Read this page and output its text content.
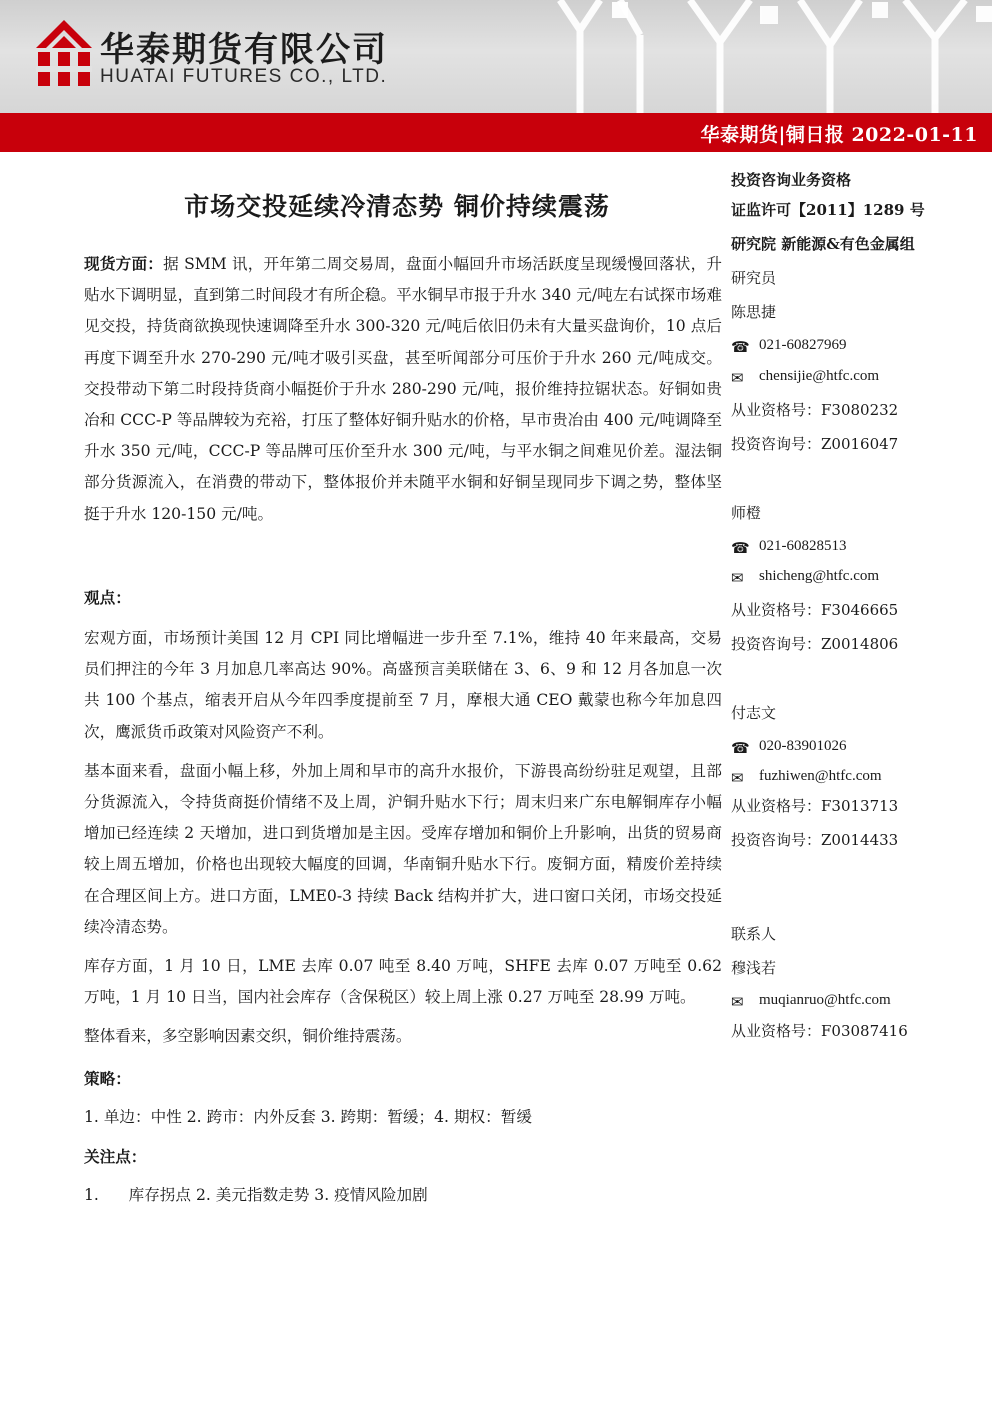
华泰期货有限公司
HUATAI FUTURES CO., LTD.
华泰期货|铜日报 2022-01-11
市场交投延续冷清态势 铜价持续震荡

现货方面：据 SMM 讯，开年第二周交易周，盘面小幅回升市场活跃度呈现缓慢回落状，升贴水下调明显，直到第二时间段才有所企稳。平水铜早市报于升水 340 元/吨左右试探市场难见交投，持货商欲换现快速调降至升水 300-320 元/吨后依旧仍未有大量买盘询价，10 点后再度下调至升水 270-290 元/吨才吸引买盘，甚至听闻部分可压价于升水 260 元/吨成交。交投带动下第二时段持货商小幅挺价于升水 280-290 元/吨，报价维持拉锯状态。好铜如贵冶和 CCC-P 等品牌较为充裕，打压了整体好铜升贴水的价格，早市贵冶由 400 元/吨调降至升水 350 元/吨，CCC-P 等品牌可压价至升水 300 元/吨，与平水铜之间难见价差。湿法铜部分货源流入，在消费的带动下，整体报价并未随平水铜和好铜呈现同步下调之势，整体坚挺于升水 120-150 元/吨。

观点：

宏观方面，市场预计美国 12 月 CPI 同比增幅进一步升至 7.1%，维持 40 年来最高，交易员们押注的今年 3 月加息几率高达 90%。高盛预言美联储在 3、6、9 和 12 月各加息一次共 100 个基点，缩表开启从今年四季度提前至 7 月，摩根大通 CEO 戴蒙也称今年加息四次，鹰派货币政策对风险资产不利。

基本面来看，盘面小幅上移，外加上周和早市的高升水报价，下游畏高纷纷驻足观望，且部分货源流入，令持货商挺价情绪不及上周，沪铜升贴水下行；周末归来广东电解铜库存小幅增加已经连续 2 天增加，进口到货增加是主因。受库存增加和铜价上升影响，出货的贸易商较上周五增加，价格也出现较大幅度的回调，华南铜升贴水下行。废铜方面，精废价差持续在合理区间上方。进口方面，LME0-3 持续 Back 结构并扩大，进口窗口关闭，市场交投延续冷清态势。

库存方面，1 月 10 日，LME 去库 0.07 吨至 8.40 万吨，SHFE 去库 0.07 万吨至 0.62 万吨，1 月 10 日当，国内社会库存（含保税区）较上周上涨 0.27 万吨至 28.99 万吨。

整体看来，多空影响因素交织，铜价维持震荡。

策略：

1. 单边：中性 2. 跨市：内外反套 3. 跨期：暂缓；4. 期权：暂缓

关注点：

1.      库存拐点 2. 美元指数走势 3. 疫情风险加剧

投资咨询业务资格
证监许可【2011】1289 号
研究院 新能源&有色金属组
研究员
陈思捷
☎ 021-60827969
✉ chensijie@htfc.com
从业资格号：F3080232
投资咨询号：Z0016047
师橙
☎ 021-60828513
✉ shicheng@htfc.com
从业资格号：F3046665
投资咨询号：Z0014806
付志文
☎ 020-83901026
✉ fuzhiwen@htfc.com
从业资格号：F3013713
投资咨询号：Z0014433
联系人
穆浅若
✉ muqianruo@htfc.com
从业资格号：F03087416
